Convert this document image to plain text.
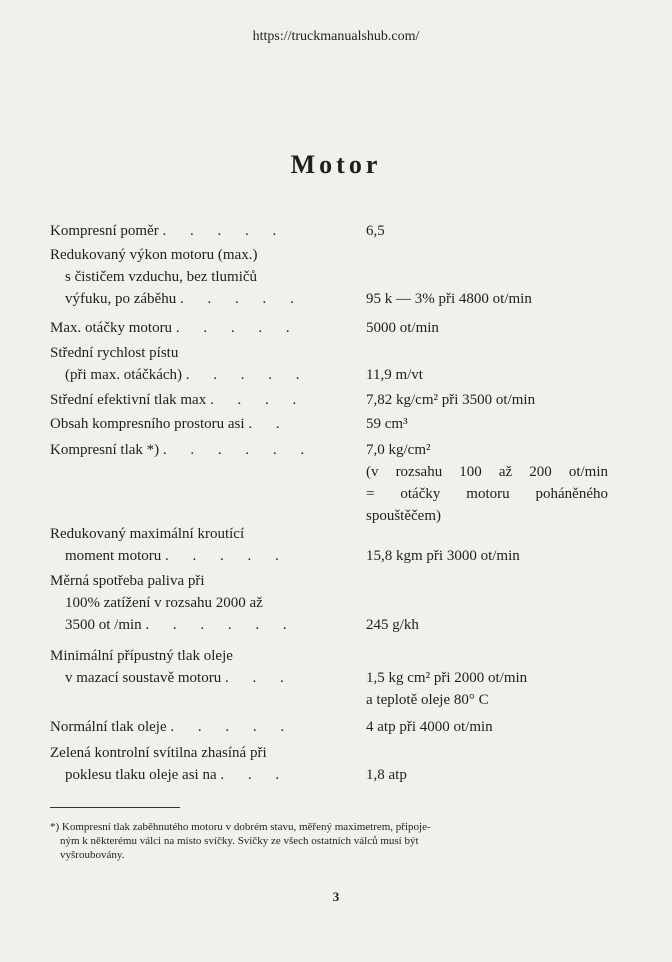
https://truckmanualshub.com/
Motor
Kompresní poměr . . . . .	6,5
Redukovaný výkon motoru (max.)
s čističem vzduchu, bez tlumičů
výfuku, po záběhu . . . . .	95 k — 3% při 4800 ot/min
Max. otáčky motoru . . . . .	5000 ot/min
Střední rychlost pístu
(při max. otáčkách) . . . . .	11,9 m/vt
Střední efektivní tlak max . . . .	7,82 kg/cm² při 3500 ot/min
Obsah kompresního prostoru asi . .	59 cm³
Kompresní tlak *) . . . . . .	7,0 kg/cm²
(v rozsahu 100 až 200 ot/min
= otáčky motoru poháněného
spouštěčem)
Redukovaný maximální kroutící
moment motoru . . . . .	15,8 kgm při 3000 ot/min
Měrná spotřeba paliva při
100% zatížení v rozsahu 2000 až
3500 ot /min . . . . . .	245 g/kh
Minimální přípustný tlak oleje
v mazací soustavě motoru . . .	1,5 kg cm² při 2000 ot/min
a teplotě oleje 80° C
Normální tlak oleje . . . . .	4 atp při 4000 ot/min
Zelená kontrolní svítilna zhasíná při
poklesu tlaku oleje asi na . . .	1,8 atp
*) Kompresní tlak zaběhnutého motoru v dobrém stavu, měřený maximetrem, připoje-
ným k některému válci na místo svíčky. Svíčky ze všech ostatních válců musí být
vyšroubovány.
3
